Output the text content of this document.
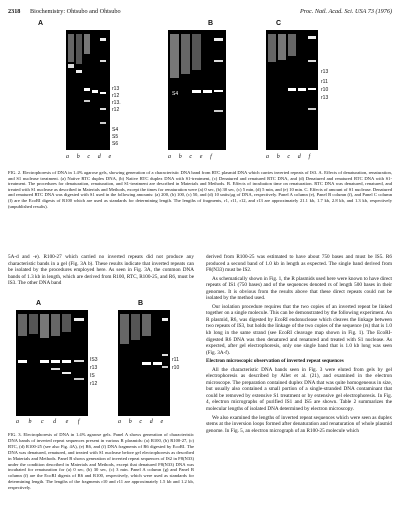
2318 Biochemistry: Ohtsubo and Ohtsubo	Proc. Natl. Acad. Sci. USA 73 (1976)
A
r13
r12
r13.
r12
S4
S5
S6
a b c d e
B
S4
a b c e f
C
r13
r11
r10
r13
a b c d f
FIG. 2. Electrophoresis of DNA in 1.4% agarose gels, showing generation of a characteristic DNA band from RTC plasmid DNA which carries inverted repeats of IS3. A. Effects of denaturation, renaturation, and S1 nuclease treatment. (a) Native RTC duplex DNA, (b) Native RTC duplex DNA with S1-treatment, (c) Denatured and renatured RTC DNA, and (d) Denatured and renatured RTC DNA with S1-treatment. The procedures for denaturation, renaturation, and S1-treatment are described in Materials and Methods. B. Effects of incubation time on renaturation. RTC DNA was denatured, renatured, and treated with S1 nuclease as described in Materials and Methods, except the times for renaturation were (a) 0 sec, (b) 30 sec, (c) 5 min, (d) 5 min, and (e) 10 min. C. Effects of amount of S1 nuclease. Denatured and renatured RTC DNA was digested with S1 used in the following amounts: (a) 200, (b) 100, (c) 50, and (d) 10 units/µg of DNA, respectively. Panel A column (e), Panel B column (f), and Panel C column (f) are the EcoRI digests of R100 which are used as standards for determining length. The lengths of fragments, r1, r11, r12, and r13 are approximately 21.1 kb, 1.7 kb, 2.8 kb, and 1.3 kb, respectively (unpublished results).

5A-d and -e). R100-27 which carried no inverted repeats did not produce any characteristic bands in a gel (Fig. 3A b). These results indicate that inverted repeats can be isolated by the procedures employed here. As seen in Fig. 3A, the common DNA bands of 1.3 kb in length, which are derived from R100, RTC, R100-25, and R6, must be IS3. The other DNA band

A
IS3
r13
IS
r12
a b c d e f
B
r11
r10
a b c d e
FIG. 3. Electrophoresis of DNA in 1.4% agarose gels. Panel A shows generation of characteristic DNA bands of inverted repeat sequences present in various R plasmids: (a) R100, (b) R100-27, (c) RTC, (d) R100-25 (see also Fig. 4A), (e) R6, and (f) DNA fragments of R6 digested by EcoRI. The DNA was denatured, renatured, and treated with S1 nuclease before gel electrophoresis as described in Materials and Methods. Panel B shows generation of inverted repeat sequences of IS2 in F8(N33) under the condition described in Materials and Methods, except that denatured F8(N33) DNA was incubated for renaturation for (a) 0 sec, (b) 30 sec, (c) 3 min. Panel A column (g) and Panel B column (f) are the EcoRI digests of R6 and R100, respectively, which were used as standards for determining length. The lengths of the fragments r10 and r11 are approximately 1.5 kb and 1.2 kb, respectively.

derived from R100-25 was estimated to have about 750 bases and must be IS5. R6 produced a second band of 1.0 kb in length as expected. The single band derived from F8(N33) must be IS2.

As schematically shown in Fig. 1, the R plasmids used here were known to have direct repeats of IS1 (750 bases) and of the sequences denoted rs of length 500 bases in their genomes. It is obvious from the results above that these direct repeats could not be isolated by the method used.

Our isolation procedure requires that the two copies of an inverted repeat be linked together on a single molecule. This can be demonstrated by the following experiment. An R plasmid, R6, was digested by EcoRI endonuclease which cleaves the linkage between two repeats of IS3, but holds the linkage of the two copies of the sequence (rs) that is 1.0 kb long in the same strand (see EcoRI cleavage map shown in Fig. 1). The EcoRI-digested R6 DNA was then denatured and renatured and treated with S1 nuclease. As expected, after gel electrophoresis, only one single band that is 1.0 kb long was seen (Fig. 3A-f).

Electron microscopic observation of inverted repeat sequences

All the characteristic DNA bands seen in Fig. 3 were eluted from gels by gel electrophoresis as described by Allet et al. (21), and examined in the electron microscope. The preparation contained duplex DNA that was quite homogeneous in size, but usually also contained a small portion of a single-stranded DNA contaminant that could be removed by extensive S1 treatment or by extensive gel electrophoresis. In Fig. 4, electron micrographs of purified IS1 and IS5 are shown. Table 2 summarizes the molecular lengths of isolated DNA determined by electron microscopy.

We also examined the lengths of inverted repeat sequences which were seen as duplex stems at the inversion loops formed after denaturation and renaturation of whole plasmid genome. In Fig. 5, an electron micrograph of an R100-25 molecule which
